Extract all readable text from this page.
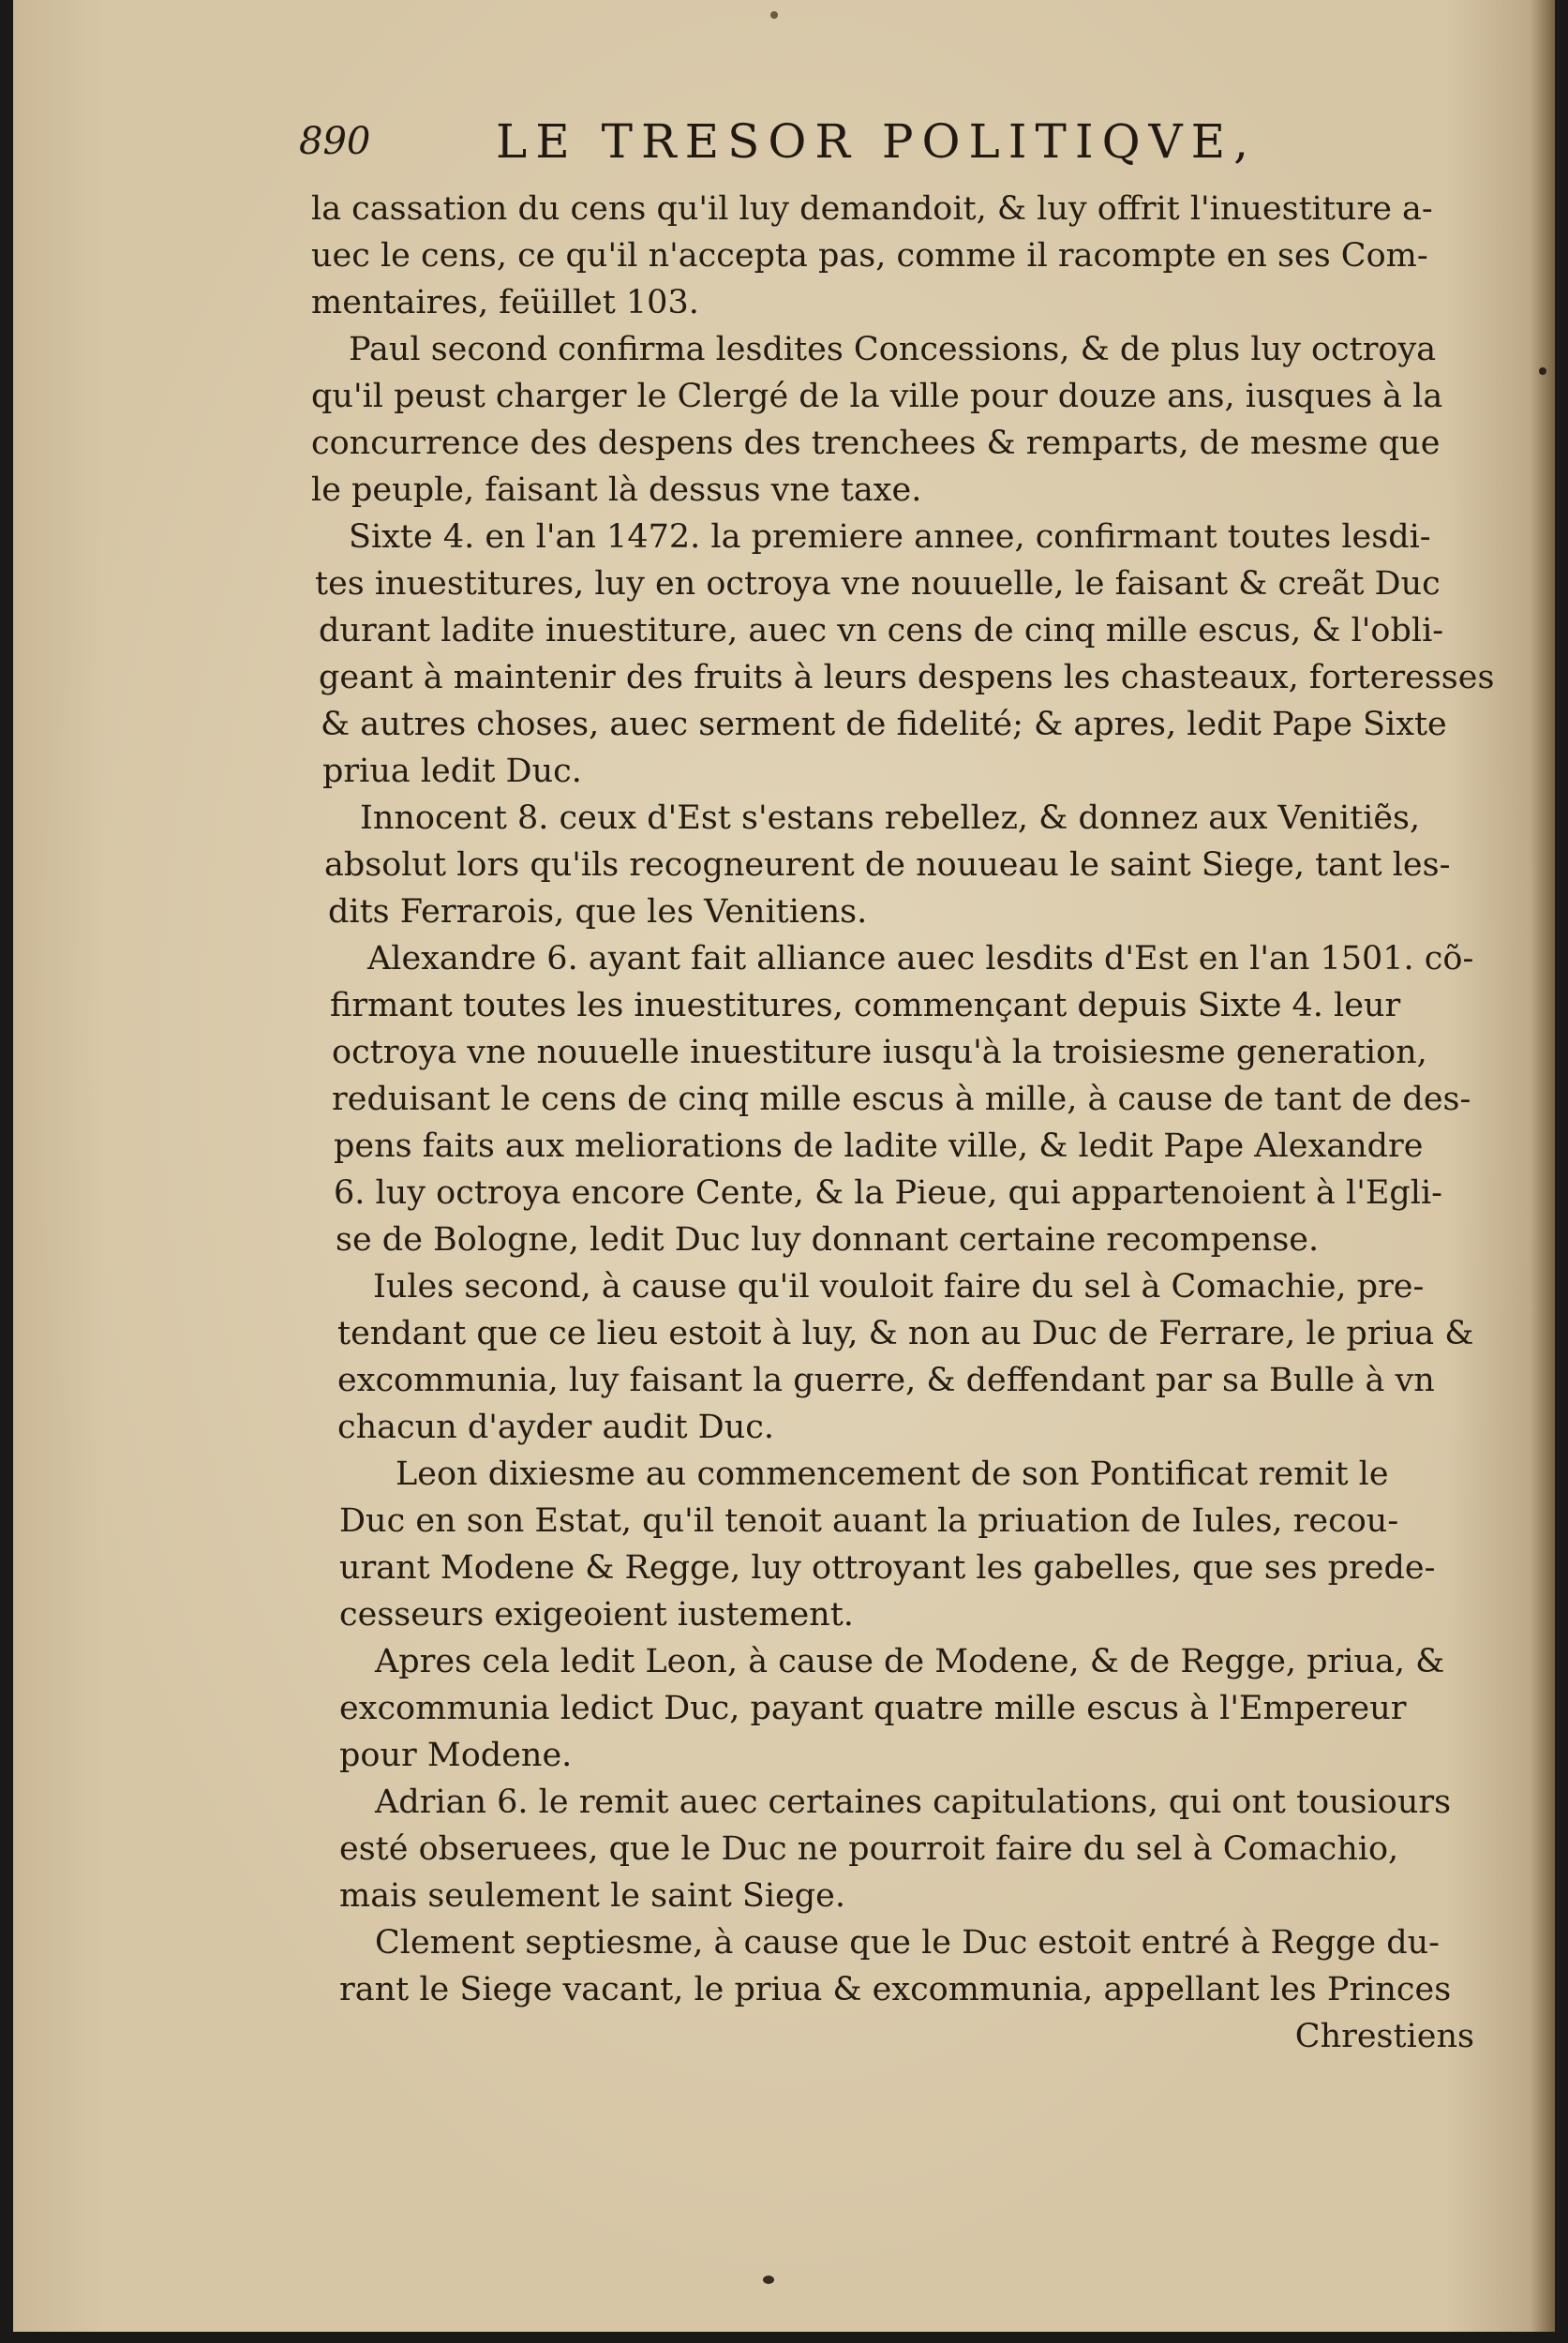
890	LE TRESOR POLITIQVE,
la cassation du cens qu'il luy demandoit, & luy offrit l'inuestiture a-
uec le cens, ce qu'il n'accepta pas, comme il racompte en ses Com-
mentaires, feüillet 103.
Paul second confirma lesdites Concessions, & de plus luy octroya
qu'il peust charger le Clergé de la ville pour douze ans, iusques à la
concurrence des despens des trenchees & remparts, de mesme que
le peuple, faisant là dessus vne taxe.
Sixte 4. en l'an 1472. la premiere annee, confirmant toutes lesdi-
tes inuestitures, luy en octroya vne nouuelle, le faisant & creãt Duc
durant ladite inuestiture, auec vn cens de cinq mille escus, & l'obli-
geant à maintenir des fruits à leurs despens les chasteaux, forteresses
& autres choses, auec serment de fidelité; & apres, ledit Pape Sixte
priua ledit Duc.
Innocent 8. ceux d'Est s'estans rebellez, & donnez aux Venitiẽs,
absolut lors qu'ils recogneurent de nouueau le saint Siege, tant les-
dits Ferrarois, que les Venitiens.
Alexandre 6. ayant fait alliance auec lesdits d'Est en l'an 1501. cõ-
firmant toutes les inuestitures, commençant depuis Sixte 4. leur
octroya vne nouuelle inuestiture iusqu'à la troisiesme generation,
reduisant le cens de cinq mille escus à mille, à cause de tant de des-
pens faits aux meliorations de ladite ville, & ledit Pape Alexandre
6. luy octroya encore Cente, & la Pieue, qui appartenoient à l'Egli-
se de Bologne, ledit Duc luy donnant certaine recompense.
Iules second, à cause qu'il vouloit faire du sel à Comachie, pre-
tendant que ce lieu estoit à luy, & non au Duc de Ferrare, le priua &
excommunia, luy faisant la guerre, & deffendant par sa Bulle à vn
chacun d'ayder audit Duc.
Leon dixiesme au commencement de son Pontificat remit le
Duc en son Estat, qu'il tenoit auant la priuation de Iules, recou-
urant Modene & Regge, luy ottroyant les gabelles, que ses prede-
cesseurs exigeoient iustement.
Apres cela ledit Leon, à cause de Modene, & de Regge, priua, &
excommunia ledict Duc, payant quatre mille escus à l'Empereur
pour Modene.
Adrian 6. le remit auec certaines capitulations, qui ont tousiours
esté obseruees, que le Duc ne pourroit faire du sel à Comachio,
mais seulement le saint Siege.
Clement septiesme, à cause que le Duc estoit entré à Regge du-
rant le Siege vacant, le priua & excommunia, appellant les Princes
Chrestiens
